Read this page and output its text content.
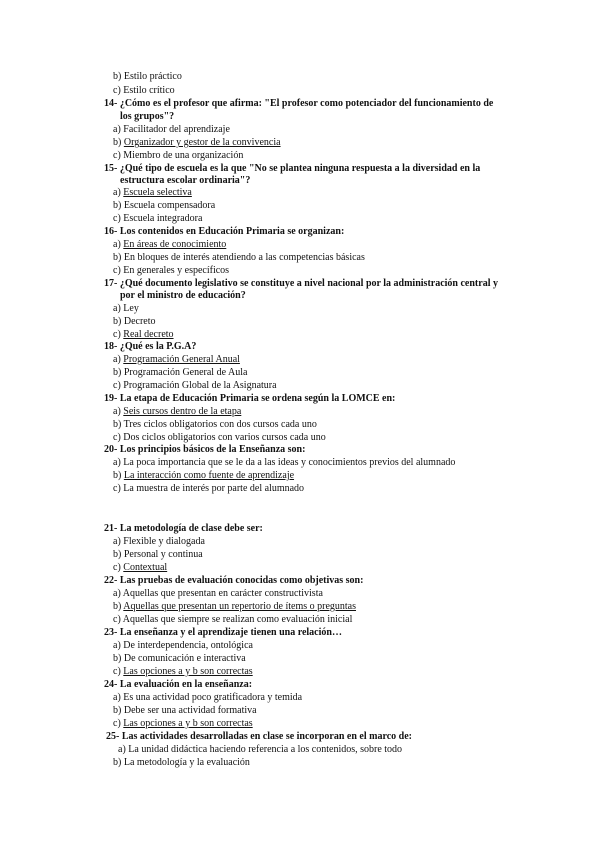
b) Estilo práctico
c) Estilo crítico
14- ¿Cómo es el profesor que afirma: "El profesor como potenciador del funcionamiento de
los grupos"?
a) Facilitador del aprendizaje
b) Organizador y gestor de la convivencia
c) Miembro de una organización
15- ¿Qué tipo de escuela es la que "No se plantea ninguna respuesta a la diversidad en la
estructura escolar ordinaria"?
a) Escuela selectiva
b) Escuela compensadora
c) Escuela integradora
16- Los contenidos en Educación Primaria se organizan:
a) En áreas de conocimiento
b) En bloques de interés atendiendo a las competencias básicas
c) En generales y específicos
17- ¿Qué documento legislativo se constituye a nivel nacional por la administración central y
por el ministro de educación?
a) Ley
b) Decreto
c) Real decreto
18- ¿Qué es la P.G.A?
a) Programación General Anual
b) Programación General de Aula
c) Programación Global de la Asignatura
19- La etapa de Educación Primaria se ordena según la LOMCE en:
a) Seis cursos dentro de la etapa
b) Tres ciclos obligatorios con dos cursos cada uno
c) Dos ciclos obligatorios con varios cursos cada uno
20- Los principios básicos de la Enseñanza son:
a) La poca importancia que se le da a las ideas y conocimientos previos del alumnado
b) La interacción como fuente de aprendizaje
c) La muestra de interés por parte del alumnado
21- La metodología de clase debe ser:
a) Flexible y dialogada
b) Personal y continua
c) Contextual
22- Las pruebas de evaluación conocidas como objetivas son:
a) Aquellas que presentan en carácter constructivista
b) Aquellas que presentan un repertorio de ítems o preguntas
c) Aquellas que siempre se realizan como evaluación inicial
23- La enseñanza y el aprendizaje tienen una relación…
a) De interdependencia, ontológica
b) De comunicación e interactiva
c) Las opciones a y b son correctas
24- La evaluación en la enseñanza:
a) Es una actividad poco gratificadora y temida
b) Debe ser una actividad formativa
c) Las opciones a y b son correctas
25- Las actividades desarrolladas en clase se incorporan en el marco de:
a) La unidad didáctica haciendo referencia a los contenidos, sobre todo
b) La metodología y la evaluación
